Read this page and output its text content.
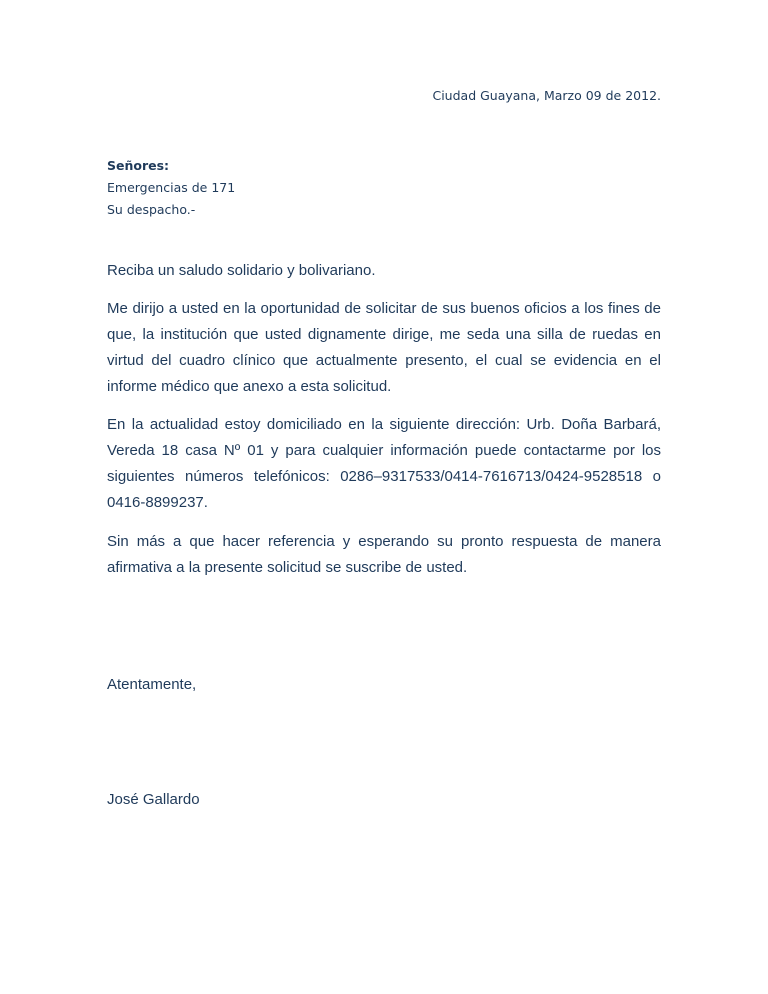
Ciudad Guayana, Marzo 09 de 2012.
Señores:
Emergencias de 171
Su despacho.-

Reciba un saludo solidario y bolivariano.

Me dirijo a usted en la oportunidad de solicitar de sus buenos oficios a los fines de que, la institución que usted dignamente dirige, me seda una silla de ruedas en virtud del cuadro clínico que actualmente presento, el cual se evidencia en el informe médico que anexo a esta solicitud.

En la actualidad estoy domiciliado en la siguiente dirección: Urb. Doña Barbará, Vereda 18 casa Nº 01 y para cualquier información puede contactarme por los siguientes números telefónicos: 0286–9317533/0414-7616713/0424-9528518 o 0416-8899237.

Sin más a que hacer referencia y esperando su pronto respuesta de manera afirmativa a la presente solicitud se suscribe de usted.

Atentamente,

José Gallardo
